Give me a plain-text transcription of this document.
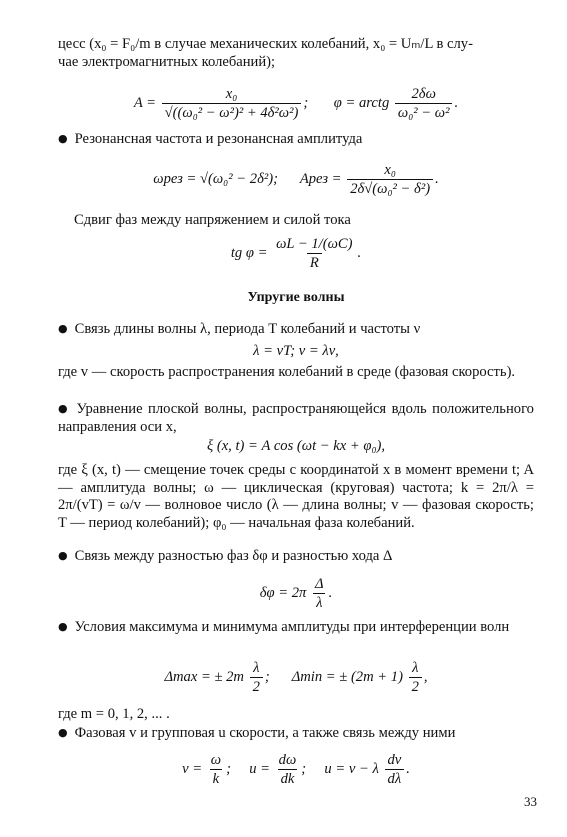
цесс (x₀ = F₀/m в случае механических колебаний, x₀ = Uₘ/L в слу-
чае электромагнитных колебаний);
$A = \frac{\text{x₀}}{\text{√((ω₀² − ω²)² + 4δ²ω²)}}$ ; φ = arctg $\frac{2\delta\omega}{\text{ω₀² − ω²}}$ .
● Резонансная частота и резонансная амплитуда
ωрез = √(ω₀² − 2δ²); Aрез = $\frac{\text{x₀}}{\text{2δ√(ω₀² − δ²)}}$ .
Сдвиг фаз между напряжением и силой тока
tg $\varphi = \frac{\omega L - 1/(\omega C)}{R}$ .
Упругие волны
● Связь длины волны λ, периода T колебаний и частоты ν
λ = vT; v = λν,
где v — скорость распространения колебаний в среде (фазовая скорость).
● Уравнение плоской волны, распространяющейся вдоль положительного направления оси x,
ξ (x, t) = A cos (ωt − kx + φ₀),
где ξ (x, t) — смещение точек среды с координатой x в момент времени t; A — амплитуда волны; ω — циклическая (круговая) частота; k = 2π/λ = 2π/(vT) = ω/v — волновое число (λ — длина волны; v — фазовая скорость; T — период колебаний); φ₀ — начальная фаза колебаний.
● Связь между разностью фаз δφ и разностью хода Δ
$\delta\varphi = 2\pi \frac{\Delta}{\lambda}$ .
● Условия максимума и минимума амплитуды при интерференции волн
Δmax = ± $2m \frac{\lambda}{2}$ ; Δmin = ± $(2m + 1) \frac{\lambda}{2}$ ,
где m = 0, 1, 2, ... .
● Фазовая v и групповая u скорости, а также связь между ними
$v = \frac{\omega}{k}$ ; $u = \frac{d\omega}{dk}$ ; u = v − λ $\frac{dv}{d\lambda}$ .
33
